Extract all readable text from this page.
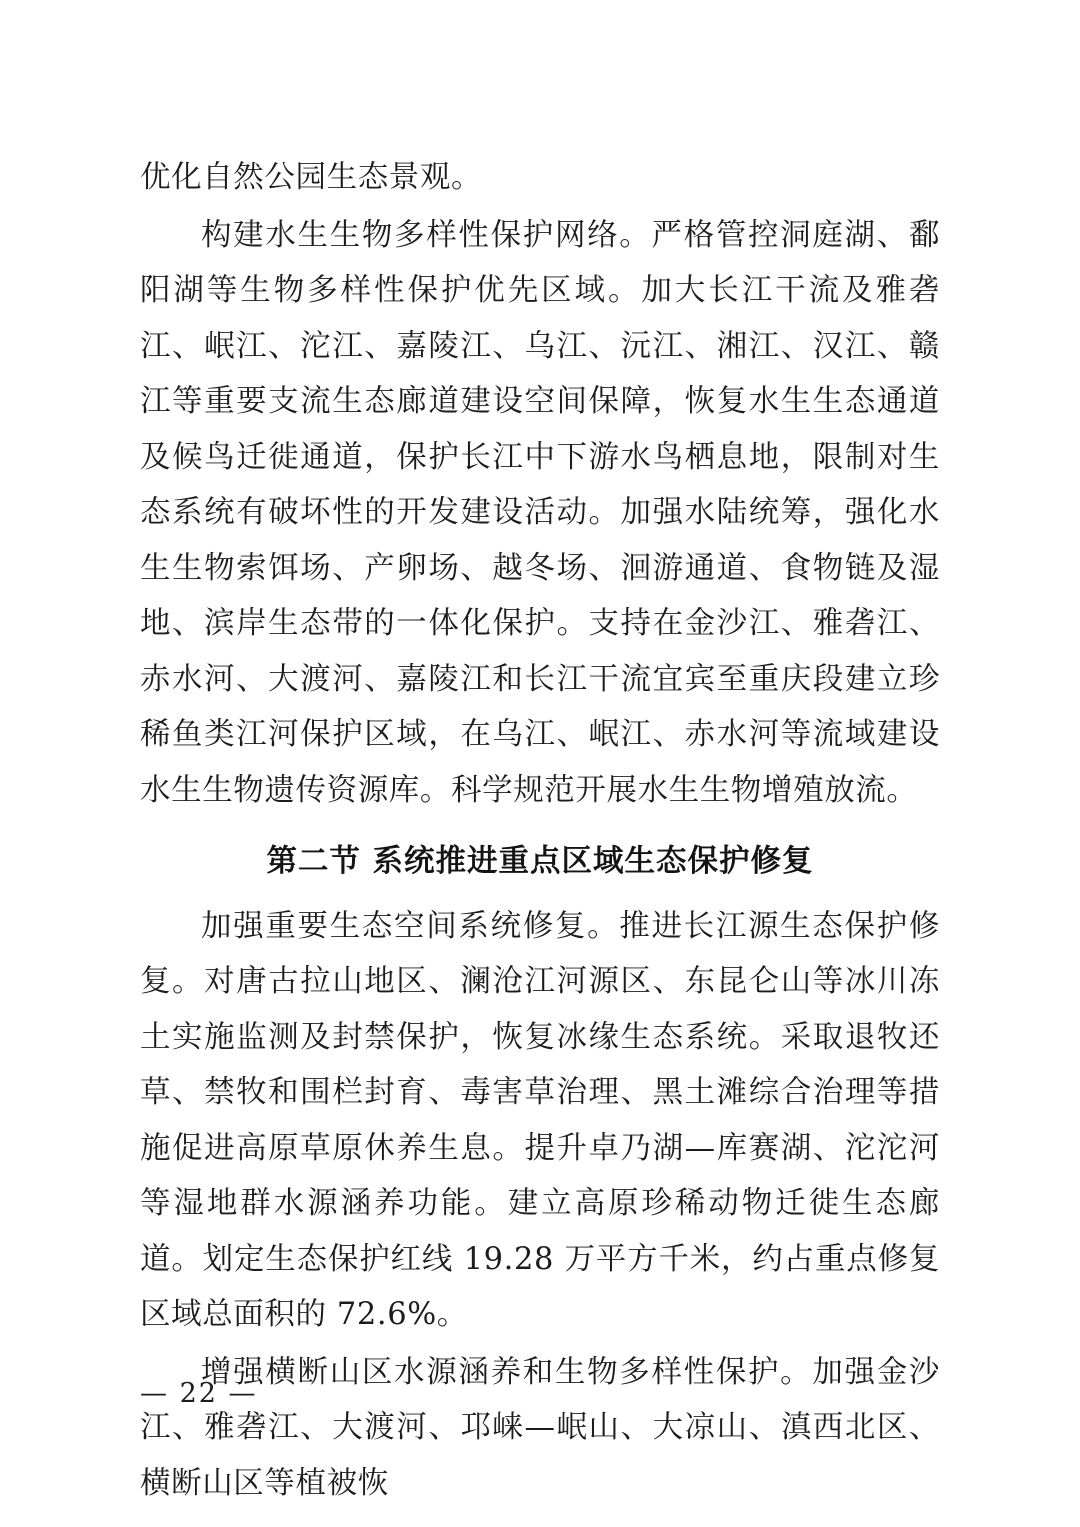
优化自然公园生态景观。

构建水生生物多样性保护网络。严格管控洞庭湖、鄱阳湖等生物多样性保护优先区域。加大长江干流及雅砻江、岷江、沱江、嘉陵江、乌江、沅江、湘江、汉江、赣江等重要支流生态廊道建设空间保障，恢复水生生态通道及候鸟迁徙通道，保护长江中下游水鸟栖息地，限制对生态系统有破坏性的开发建设活动。加强水陆统筹，强化水生生物索饵场、产卵场、越冬场、洄游通道、食物链及湿地、滨岸生态带的一体化保护。支持在金沙江、雅砻江、赤水河、大渡河、嘉陵江和长江干流宜宾至重庆段建立珍稀鱼类江河保护区域，在乌江、岷江、赤水河等流域建设水生生物遗传资源库。科学规范开展水生生物增殖放流。

第二节 系统推进重点区域生态保护修复

加强重要生态空间系统修复。推进长江源生态保护修复。对唐古拉山地区、澜沧江河源区、东昆仑山等冰川冻土实施监测及封禁保护，恢复冰缘生态系统。采取退牧还草、禁牧和围栏封育、毒害草治理、黑土滩综合治理等措施促进高原草原休养生息。提升卓乃湖—库赛湖、沱沱河等湿地群水源涵养功能。建立高原珍稀动物迁徙生态廊道。划定生态保护红线 19.28 万平方千米，约占重点修复区域总面积的 72.6%。

增强横断山区水源涵养和生物多样性保护。加强金沙江、雅砻江、大渡河、邛崃—岷山、大凉山、滇西北区、横断山区等植被恢

— 22 —
